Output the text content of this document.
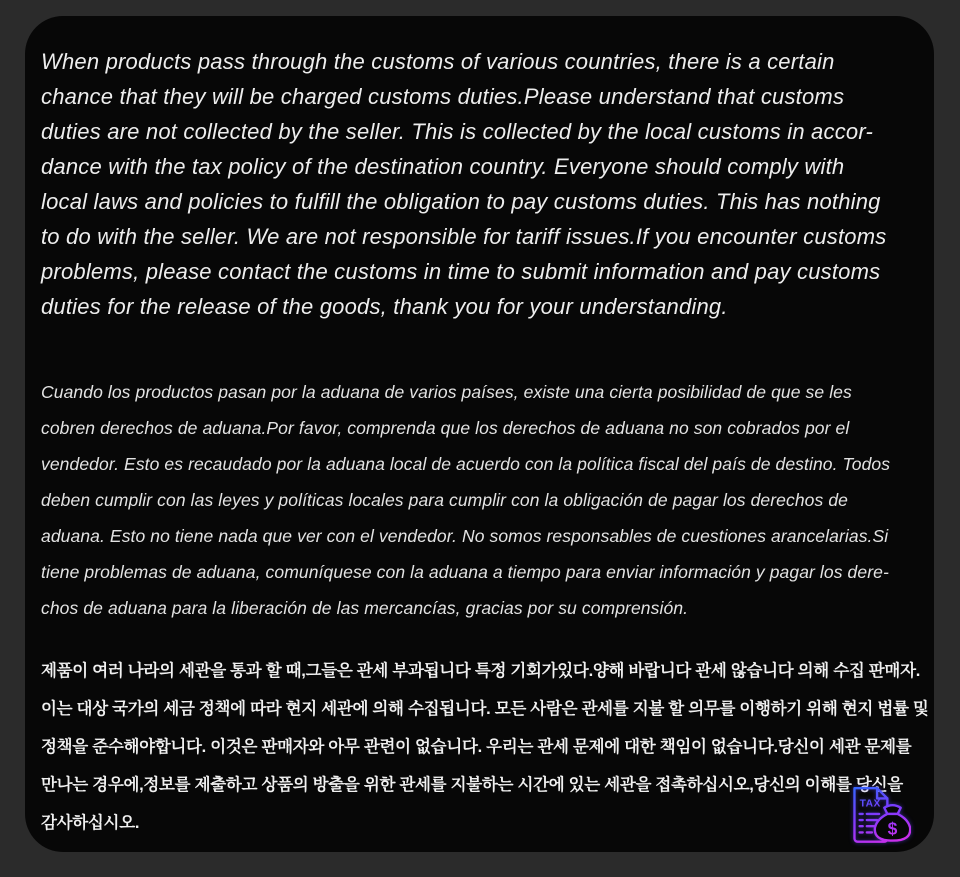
When products pass through the customs of various countries, there is a certain
chance that they will be charged customs duties.Please understand that customs
duties are not collected by the seller. This is collected by the local customs in accor-
dance with the tax policy of the destination country. Everyone should comply with
local laws and policies to fulfill the obligation to pay customs duties. This has nothing
to do with the seller. We are not responsible for tariff issues.If you encounter customs
problems, please contact the customs in time to submit information and pay customs
duties for the release of the goods, thank you for your understanding.
Cuando los productos pasan por la aduana de varios países, existe una cierta posibilidad de que se les
cobren derechos de aduana.Por favor, comprenda que los derechos de aduana no son cobrados por el
vendedor. Esto es recaudado por la aduana local de acuerdo con la política fiscal del país de destino. Todos
deben cumplir con las leyes y políticas locales para cumplir con la obligación de pagar los derechos de
aduana. Esto no tiene nada que ver con el vendedor. No somos responsables de cuestiones arancelarias.Si
tiene problemas de aduana, comuníquese con la aduana a tiempo para enviar información y pagar los dere-
chos de aduana para la liberación de las mercancías, gracias por su comprensión.
제품이 여러 나라의 세관을 통과 할 때,그들은 관세 부과됩니다 특정 기회가있다.양해 바랍니다 관세 않습니다 의해 수집 판매자.
이는 대상 국가의 세금 정책에 따라 현지 세관에 의해 수집됩니다. 모든 사람은 관세를 지불 할 의무를 이행하기 위해 현지 법률 및
정책을 준수해야합니다. 이것은 판매자와 아무 관련이 없습니다. 우리는 관세 문제에 대한 책임이 없습니다.당신이 세관 문제를
만나는 경우에,정보를 제출하고 상품의 방출을 위한 관세를 지불하는 시간에 있는 세관을 접촉하십시오,당신의 이해를 당신을
감사하십시오.
TAX
$
